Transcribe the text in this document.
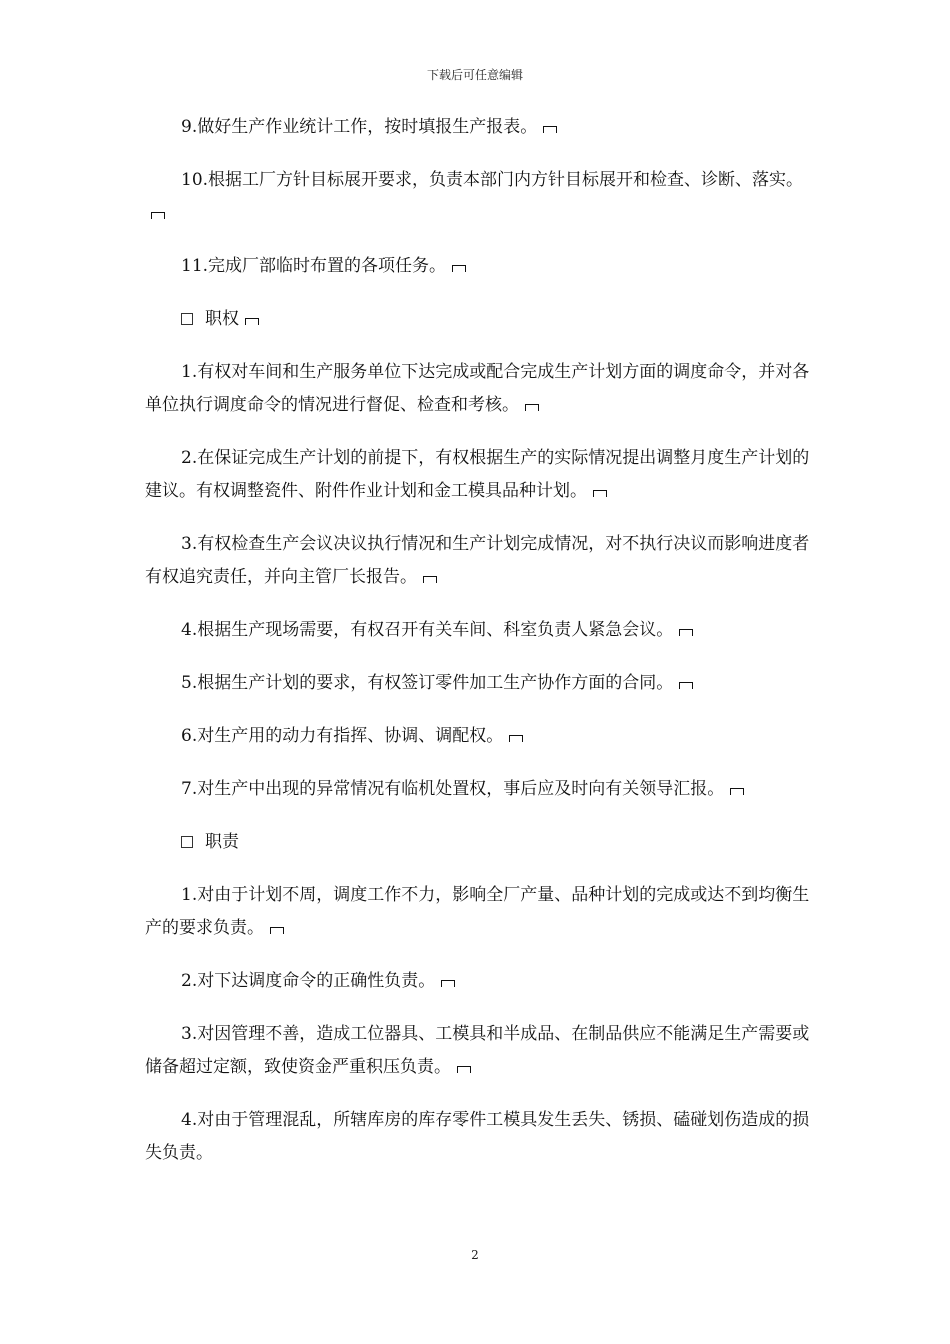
下载后可任意编辑

9.做好生产作业统计工作，按时填报生产报表。

10.根据工厂方针目标展开要求，负责本部门内方针目标展开和检查、诊断、落实。

11.完成厂部临时布置的各项任务。

职权

1.有权对车间和生产服务单位下达完成或配合完成生产计划方面的调度命令，并对各单位执行调度命令的情况进行督促、检查和考核。

2.在保证完成生产计划的前提下，有权根据生产的实际情况提出调整月度生产计划的建议。有权调整瓷件、附件作业计划和金工模具品种计划。

3.有权检查生产会议决议执行情况和生产计划完成情况，对不执行决议而影响进度者有权追究责任，并向主管厂长报告。

4.根据生产现场需要，有权召开有关车间、科室负责人紧急会议。

5.根据生产计划的要求，有权签订零件加工生产协作方面的合同。

6.对生产用的动力有指挥、协调、调配权。

7.对生产中出现的异常情况有临机处置权，事后应及时向有关领导汇报。

职责

1.对由于计划不周，调度工作不力，影响全厂产量、品种计划的完成或达不到均衡生产的要求负责。

2.对下达调度命令的正确性负责。

3.对因管理不善，造成工位器具、工模具和半成品、在制品供应不能满足生产需要或储备超过定额，致使资金严重积压负责。

4.对由于管理混乱，所辖库房的库存零件工模具发生丢失、锈损、磕碰划伤造成的损失负责。

2
